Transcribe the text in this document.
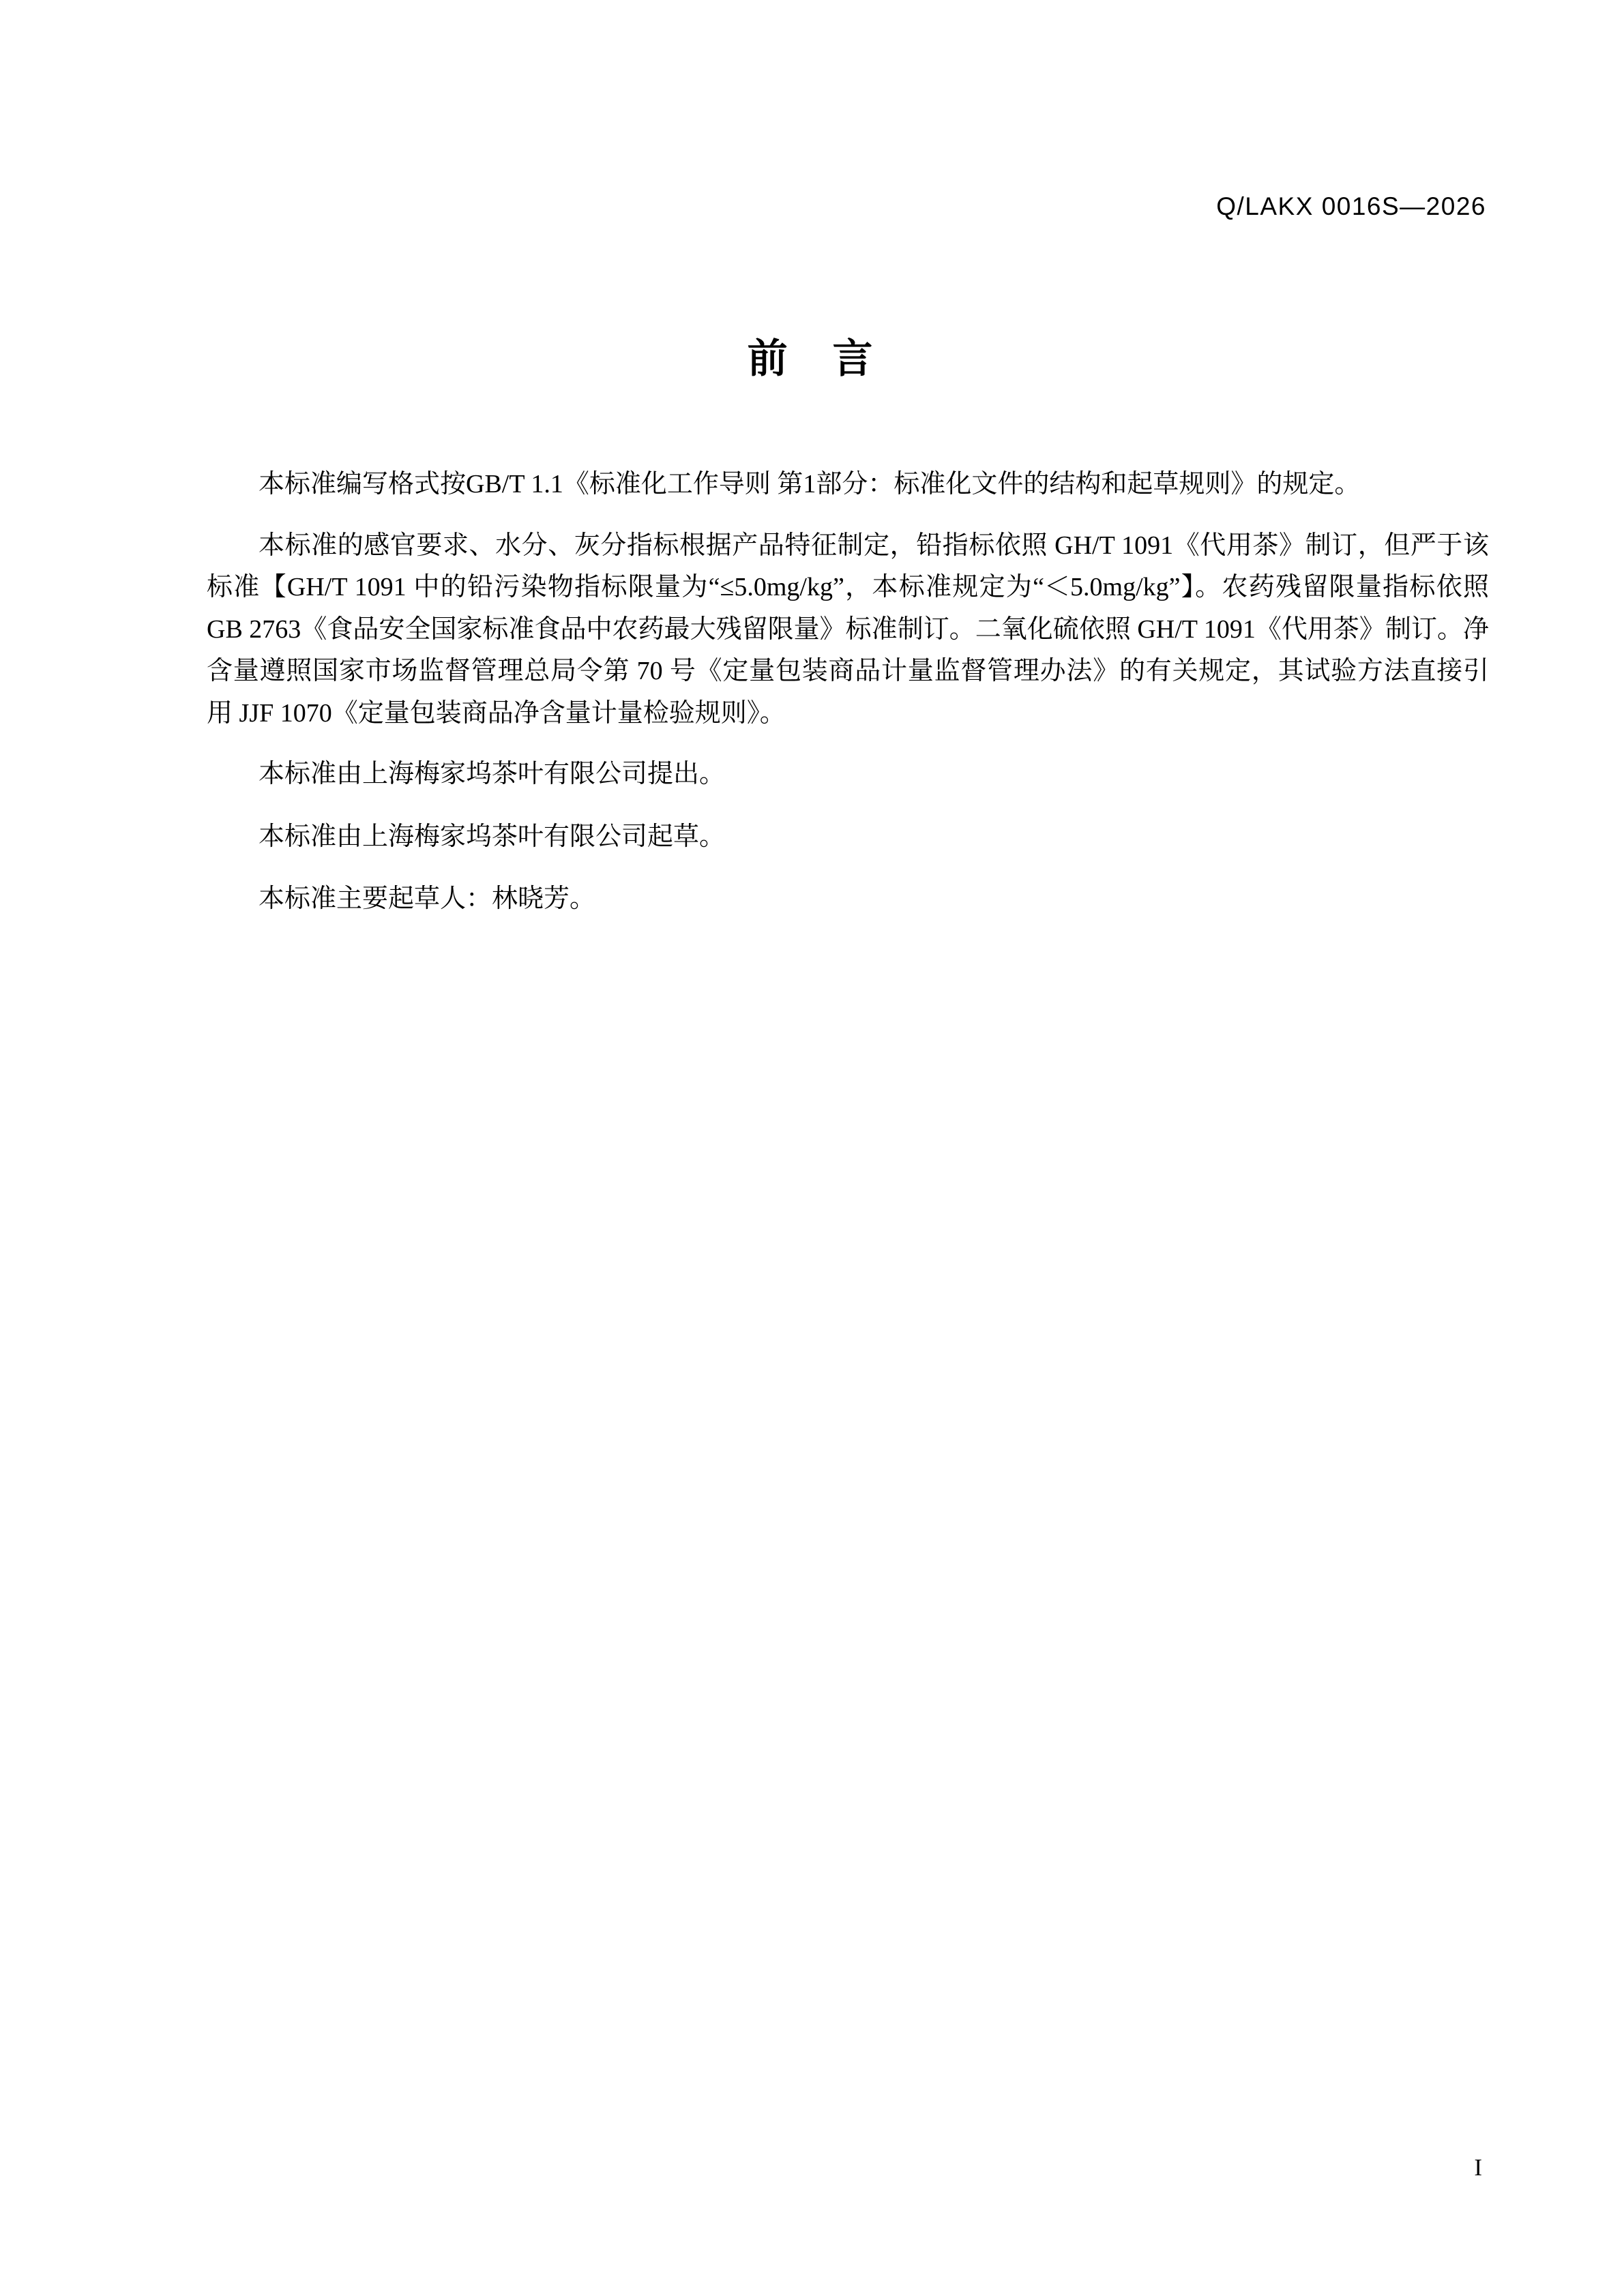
Q/LAKX 0016S—2026
前 言

本标准编写格式按GB/T 1.1《标准化工作导则 第1部分：标准化文件的结构和起草规则》的规定。

本标准的感官要求、水分、灰分指标根据产品特征制定，铅指标依照 GH/T 1091《代用茶》制订，但严于该标准【GH/T 1091 中的铅污染物指标限量为“≤5.0mg/kg”，本标准规定为“＜5.0mg/kg”】。农药残留限量指标依照 GB 2763《食品安全国家标准食品中农药最大残留限量》标准制订。二氧化硫依照 GH/T 1091《代用茶》制订。净含量遵照国家市场监督管理总局令第 70 号《定量包装商品计量监督管理办法》的有关规定，其试验方法直接引用 JJF 1070《定量包装商品净含量计量检验规则》。

本标准由上海梅家坞茶叶有限公司提出。

本标准由上海梅家坞茶叶有限公司起草。

本标准主要起草人：林晓芳。

I
